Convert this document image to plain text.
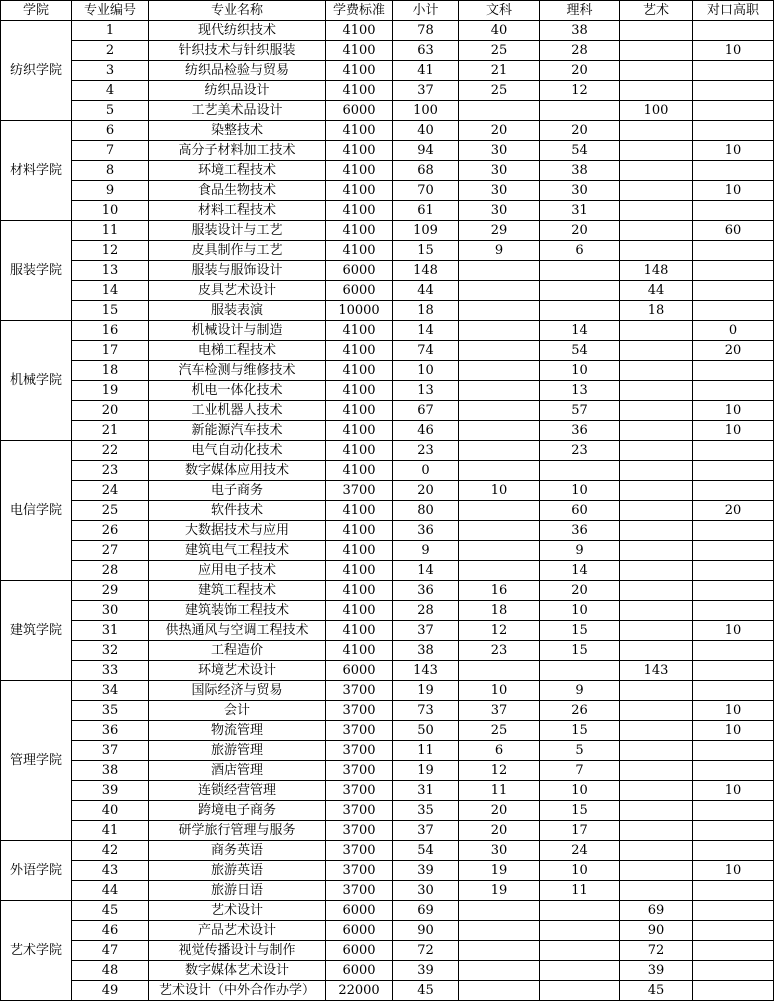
学院	专业编号	专业名称	学费标准	小计	文科	理科	艺术	对口高职
纺织学院	1	现代纺织技术	4100	78	40	38		
	2	针织技术与针织服装	4100	63	25	28		10
	3	纺织品检验与贸易	4100	41	21	20		
	4	纺织品设计	4100	37	25	12		
	5	工艺美术品设计	6000	100			100	
材料学院	6	染整技术	4100	40	20	20		
	7	高分子材料加工技术	4100	94	30	54		10
	8	环境工程技术	4100	68	30	38		
	9	食品生物技术	4100	70	30	30		10
	10	材料工程技术	4100	61	30	31		
服装学院	11	服装设计与工艺	4100	109	29	20		60
	12	皮具制作与工艺	4100	15	9	6		
	13	服装与服饰设计	6000	148			148	
	14	皮具艺术设计	6000	44			44	
	15	服装表演	10000	18			18	
机械学院	16	机械设计与制造	4100	14		14		0
	17	电梯工程技术	4100	74		54		20
	18	汽车检测与维修技术	4100	10		10		
	19	机电一体化技术	4100	13		13		
	20	工业机器人技术	4100	67		57		10
	21	新能源汽车技术	4100	46		36		10
电信学院	22	电气自动化技术	4100	23		23		
	23	数字媒体应用技术	4100	0				
	24	电子商务	3700	20	10	10		
	25	软件技术	4100	80		60		20
	26	大数据技术与应用	4100	36		36		
	27	建筑电气工程技术	4100	9		9		
	28	应用电子技术	4100	14		14		
建筑学院	29	建筑工程技术	4100	36	16	20		
	30	建筑装饰工程技术	4100	28	18	10		
	31	供热通风与空调工程技术	4100	37	12	15		10
	32	工程造价	4100	38	23	15		
	33	环境艺术设计	6000	143			143	
管理学院	34	国际经济与贸易	3700	19	10	9		
	35	会计	3700	73	37	26		10
	36	物流管理	3700	50	25	15		10
	37	旅游管理	3700	11	6	5		
	38	酒店管理	3700	19	12	7		
	39	连锁经营管理	3700	31	11	10		10
	40	跨境电子商务	3700	35	20	15		
	41	研学旅行管理与服务	3700	37	20	17		
外语学院	42	商务英语	3700	54	30	24		
	43	旅游英语	3700	39	19	10		10
	44	旅游日语	3700	30	19	11		
艺术学院	45	艺术设计	6000	69			69	
	46	产品艺术设计	6000	90			90	
	47	视觉传播设计与制作	6000	72			72	
	48	数字媒体艺术设计	6000	39			39	
	49	艺术设计（中外合作办学）	22000	45			45	
